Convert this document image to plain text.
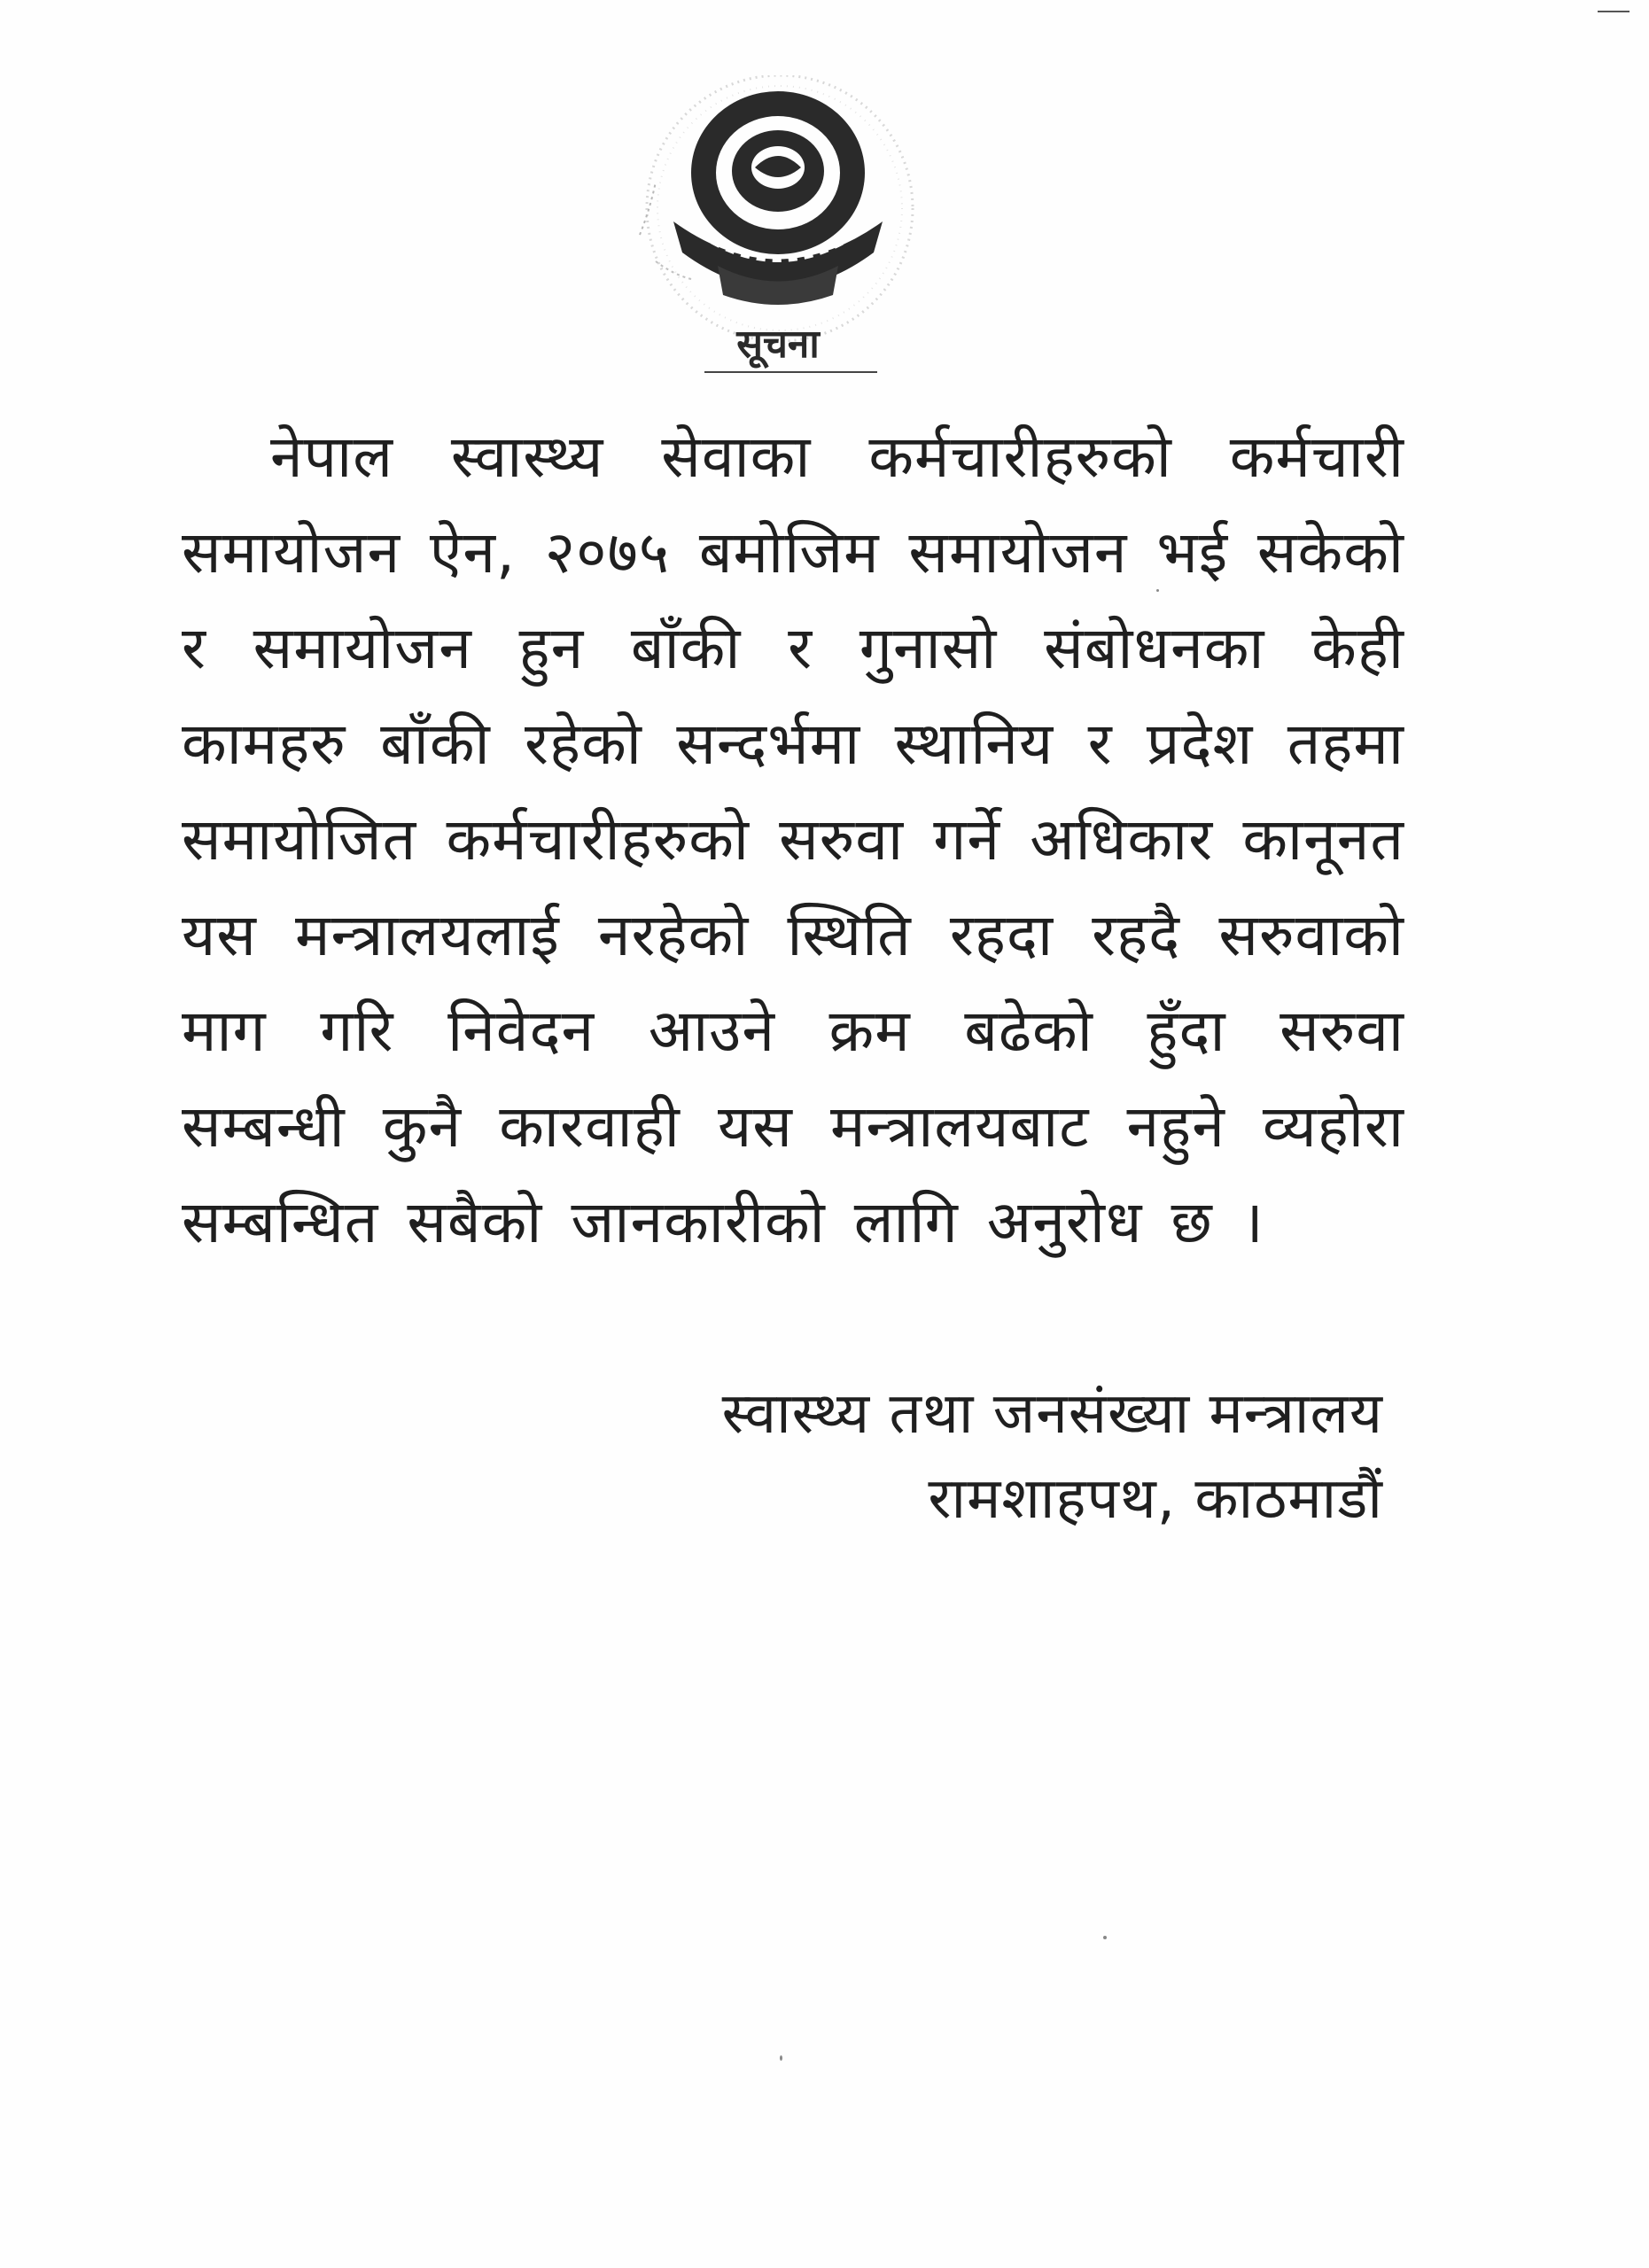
सूचना

नेपाल स्वास्थ्य सेवाका कर्मचारीहरुको कर्मचारी समायोजन ऐन, २०७५ बमोजिम समायोजन भई सकेको र समायोजन हुन बाँकी र गुनासो संबोधनका केही कामहरु बाँकी रहेको सन्दर्भमा स्थानिय र प्रदेश तहमा समायोजित कर्मचारीहरुको सरुवा गर्ने अधिकार कानूनत यस मन्त्रालयलाई नरहेको स्थिति रहदा रहदै सरुवाको माग गरि निवेदन आउने क्रम बढेको हुँदा सरुवा सम्बन्धी कुनै कारवाही यस मन्त्रालयबाट नहुने व्यहोरा सम्बन्धित सबैको जानकारीको लागि अनुरोध छ ।

स्वास्थ्य तथा जनसंख्या मन्त्रालय
रामशाहपथ, काठमाडौं
